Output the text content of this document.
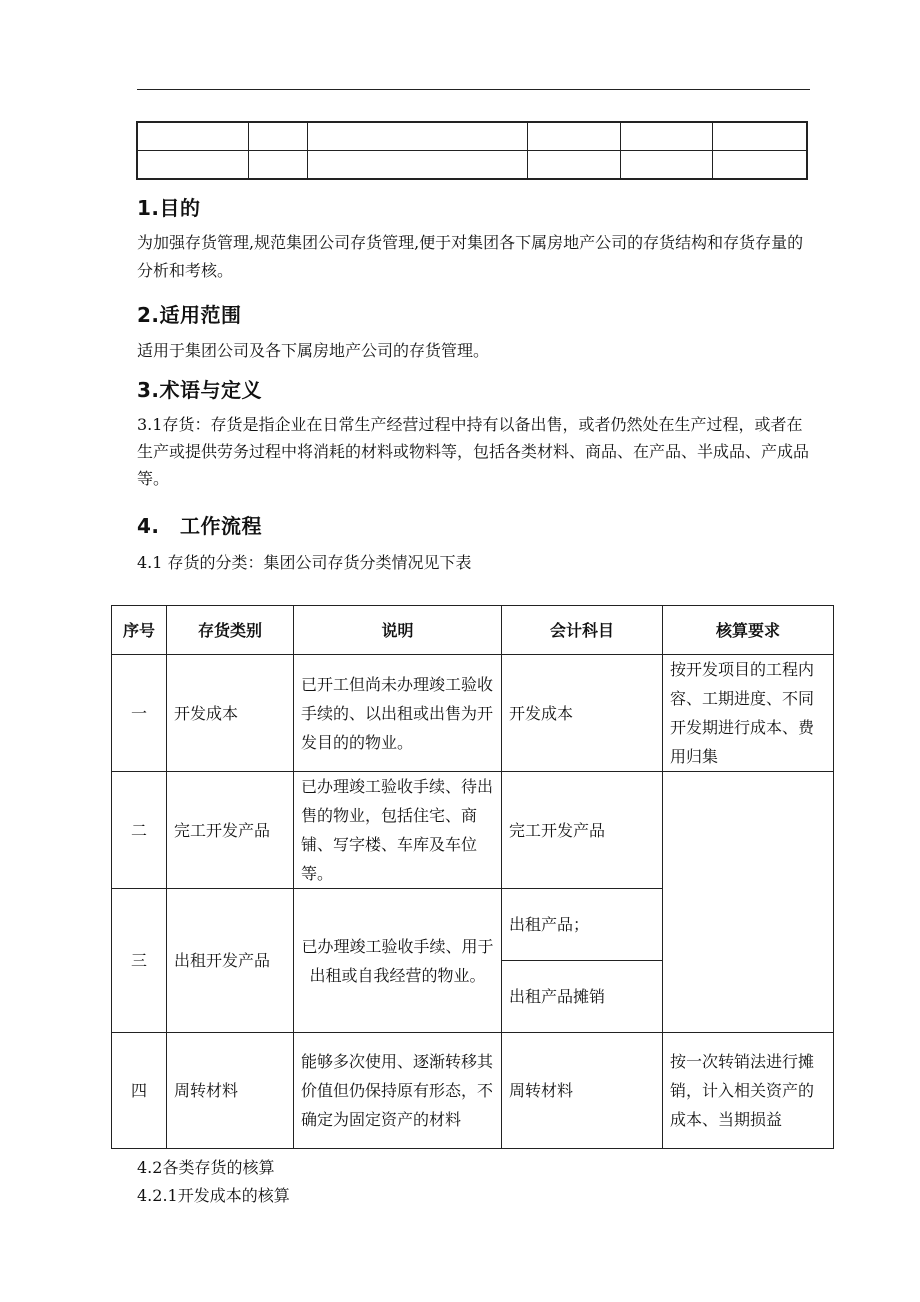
1.目的

为加强存货管理,规范集团公司存货管理,便于对集团各下属房地产公司的存货结构和存货存量的分析和考核。

2.适用范围

适用于集团公司及各下属房地产公司的存货管理。

3.术语与定义

3.1存货：存货是指企业在日常生产经营过程中持有以备出售，或者仍然处在生产过程，或者在生产或提供劳务过程中将消耗的材料或物料等，包括各类材料、商品、在产品、半成品、产成品等。

4.　工作流程

4.1 存货的分类：集团公司存货分类情况见下表

序号	存货类别	说明	会计科目	核算要求
一	开发成本	已开工但尚未办理竣工验收手续的、以出租或出售为开发目的的物业。	开发成本	按开发项目的工程内容、工期进度、不同开发期进行成本、费用归集
二	完工开发产品	已办理竣工验收手续、待出售的物业，包括住宅、商铺、写字楼、车库及车位等。	完工开发产品	
三	出租开发产品	已办理竣工验收手续、用于出租或自我经营的物业。	出租产品；	
			出租产品摊销	
四	周转材料	能够多次使用、逐渐转移其价值但仍保持原有形态，不确定为固定资产的材料	周转材料	按一次转销法进行摊销，计入相关资产的成本、当期损益

4.2各类存货的核算

4.2.1开发成本的核算
